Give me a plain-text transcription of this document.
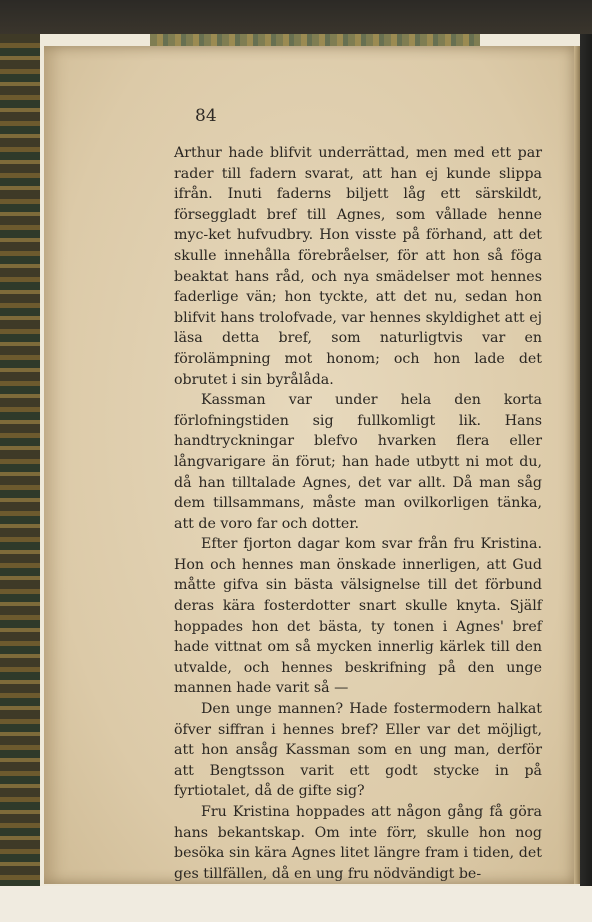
84

Arthur hade blifvit underrättad, men med ett par rader till fadern svarat, att han ej kunde slippa ifrån. Inuti faderns biljett låg ett särskildt, förseggladt bref till Agnes, som vållade henne myc-ket hufvudbry. Hon visste på förhand, att det skulle innehålla förebråelser, för att hon så föga beaktat hans råd, och nya smädelser mot hennes faderlige vän; hon tyckte, att det nu, sedan hon blifvit hans trolofvade, var hennes skyldighet att ej läsa detta bref, som naturligtvis var en förolämpning mot honom; och hon lade det obrutet i sin byrålåda.

Kassman var under hela den korta förlofningstiden sig fullkomligt lik. Hans handtryckningar blefvo hvarken flera eller långvarigare än förut; han hade utbytt ni mot du, då han tilltalade Agnes, det var allt. Då man såg dem tillsammans, måste man ovilkorligen tänka, att de voro far och dotter.

Efter fjorton dagar kom svar från fru Kristina. Hon och hennes man önskade innerligen, att Gud måtte gifva sin bästa välsignelse till det förbund deras kära fosterdotter snart skulle knyta. Själf hoppades hon det bästa, ty tonen i Agnes' bref hade vittnat om så mycken innerlig kärlek till den utvalde, och hennes beskrifning på den unge mannen hade varit så —

Den unge mannen? Hade fostermodern halkat öfver siffran i hennes bref? Eller var det möjligt, att hon ansåg Kassman som en ung man, derför att Bengtsson varit ett godt stycke in på fyrtiotalet, då de gifte sig?

Fru Kristina hoppades att någon gång få göra hans bekantskap. Om inte förr, skulle hon nog besöka sin kära Agnes litet längre fram i tiden, det ges tillfällen, då en ung fru nödvändigt be-
